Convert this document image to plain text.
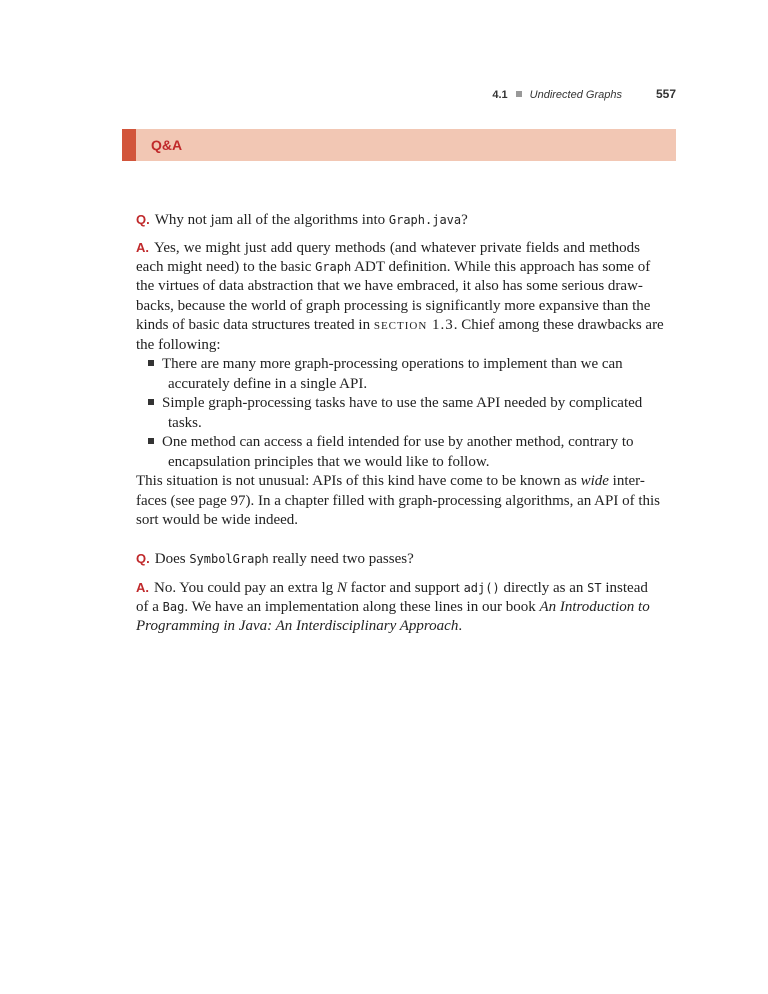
4.1 Undirected Graphs	557
Q&A
Q. Why not jam all of the algorithms into Graph.java?
A. Yes, we might just add query methods (and whatever private fields and methods
each might need) to the basic Graph ADT definition. While this approach has some of
the virtues of data abstraction that we have embraced, it also has some serious draw-
backs, because the world of graph processing is significantly more expansive than the
kinds of basic data structures treated in section 1.3. Chief among these drawbacks are
the following:
There are many more graph-processing operations to implement than we can
accurately define in a single API.
Simple graph-processing tasks have to use the same API needed by complicated
tasks.
One method can access a field intended for use by another method, contrary to
encapsulation principles that we would like to follow.
This situation is not unusual: APIs of this kind have come to be known as wide inter-
faces (see page 97). In a chapter filled with graph-processing algorithms, an API of this
sort would be wide indeed.
Q. Does SymbolGraph really need two passes?
A. No. You could pay an extra lg N factor and support adj() directly as an ST instead
of a Bag. We have an implementation along these lines in our book An Introduction to
Programming in Java: An Interdisciplinary Approach.
